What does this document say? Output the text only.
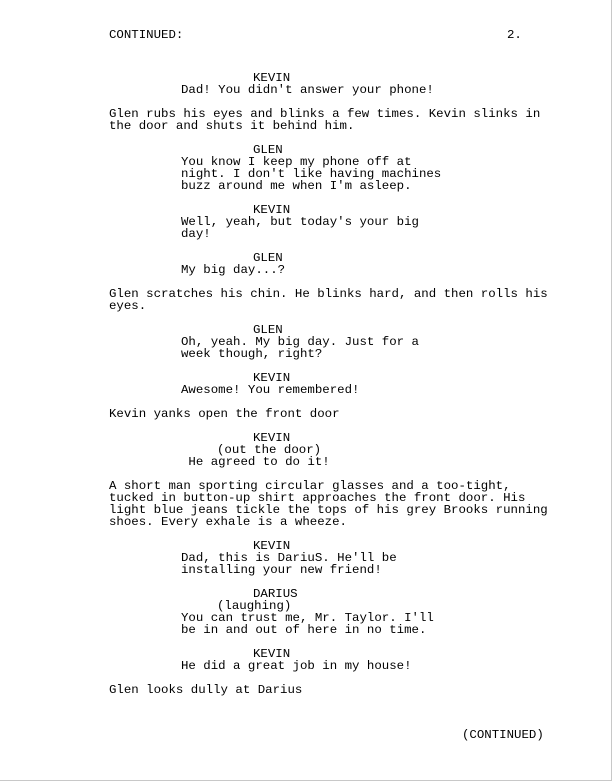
CONTINUED:	2.
KEVIN
Dad! You didn't answer your phone!
Glen rubs his eyes and blinks a few times. Kevin slinks in
the door and shuts it behind him.
GLEN
You know I keep my phone off at
night. I don't like having machines
buzz around me when I'm asleep.
KEVIN
Well, yeah, but today's your big
day!
GLEN
My big day...?
Glen scratches his chin. He blinks hard, and then rolls his
eyes.
GLEN
Oh, yeah. My big day. Just for a
week though, right?
KEVIN
Awesome! You remembered!
Kevin yanks open the front door
KEVIN
(out the door)
He agreed to do it!
A short man sporting circular glasses and a too-tight,
tucked in button-up shirt approaches the front door. His
light blue jeans tickle the tops of his grey Brooks running
shoes. Every exhale is a wheeze.
KEVIN
Dad, this is DariuS. He'll be
installing your new friend!
DARIUS
(laughing)
You can trust me, Mr. Taylor. I'll
be in and out of here in no time.
KEVIN
He did a great job in my house!
Glen looks dully at Darius
(CONTINUED)
